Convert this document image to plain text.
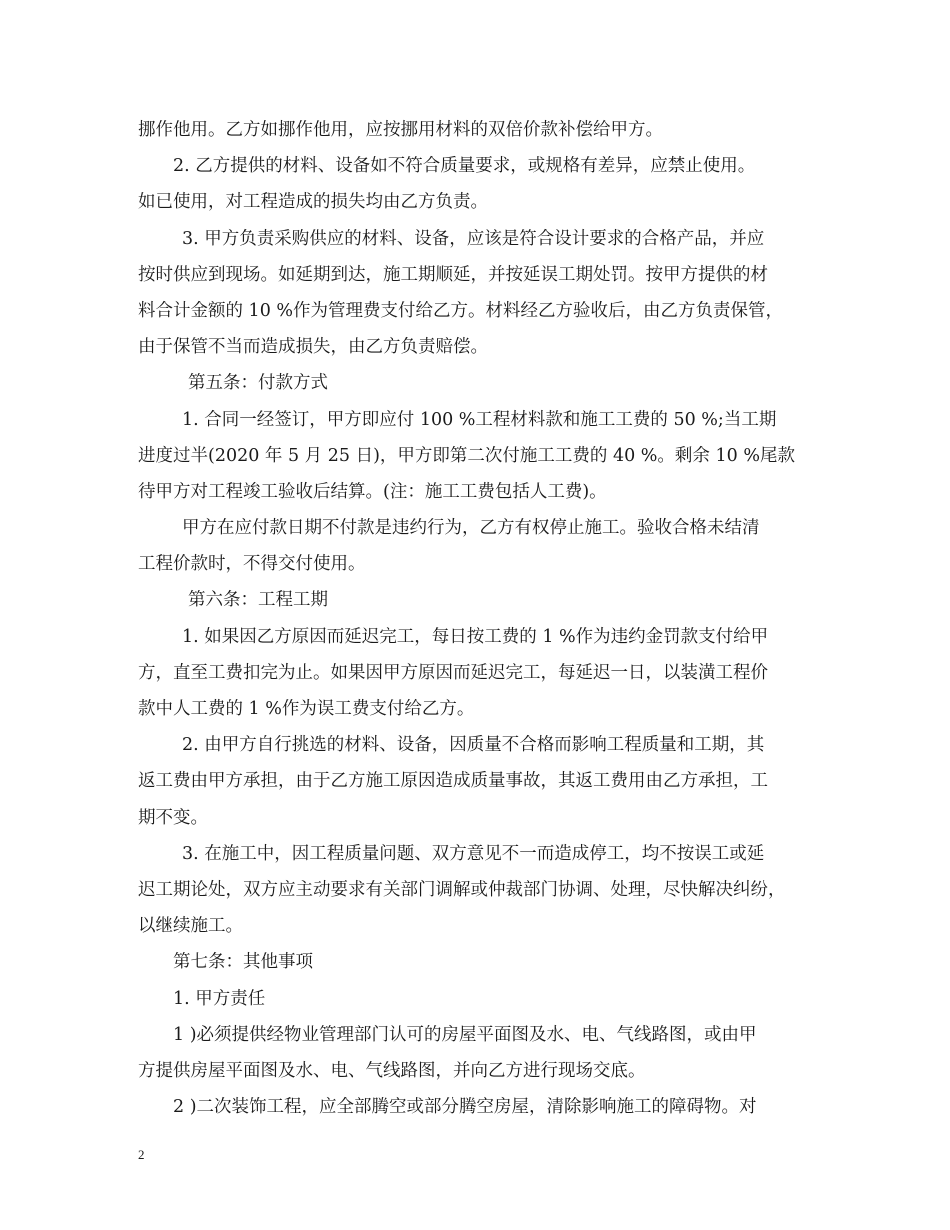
挪作他用。乙方如挪作他用，应按挪用材料的双倍价款补偿给甲方。
2. 乙方提供的材料、设备如不符合质量要求，或规格有差异，应禁止使用。
如已使用，对工程造成的损失均由乙方负责。
3. 甲方负责采购供应的材料、设备，应该是符合设计要求的合格产品，并应
按时供应到现场。如延期到达，施工期顺延，并按延误工期处罚。按甲方提供的材
料合计金额的 10 %作为管理费支付给乙方。材料经乙方验收后，由乙方负责保管，
由于保管不当而造成损失，由乙方负责赔偿。
第五条：付款方式
1. 合同一经签订，甲方即应付 100 %工程材料款和施工工费的 50 %;当工期
进度过半(2020 年 5 月 25 日)，甲方即第二次付施工工费的 40 %。剩余 10 %尾款
待甲方对工程竣工验收后结算。(注：施工工费包括人工费)。
甲方在应付款日期不付款是违约行为，乙方有权停止施工。验收合格未结清
工程价款时，不得交付使用。
第六条：工程工期
1. 如果因乙方原因而延迟完工，每日按工费的 1 %作为违约金罚款支付给甲
方，直至工费扣完为止。如果因甲方原因而延迟完工，每延迟一日，以装潢工程价
款中人工费的 1 %作为误工费支付给乙方。
2. 由甲方自行挑选的材料、设备，因质量不合格而影响工程质量和工期，其
返工费由甲方承担，由于乙方施工原因造成质量事故，其返工费用由乙方承担，工
期不变。
3. 在施工中，因工程质量问题、双方意见不一而造成停工，均不按误工或延
迟工期论处，双方应主动要求有关部门调解或仲裁部门协调、处理，尽快解决纠纷，
以继续施工。
第七条：其他事项
1. 甲方责任
1 )必须提供经物业管理部门认可的房屋平面图及水、电、气线路图，或由甲
方提供房屋平面图及水、电、气线路图，并向乙方进行现场交底。
2 )二次装饰工程，应全部腾空或部分腾空房屋，清除影响施工的障碍物。对
2
